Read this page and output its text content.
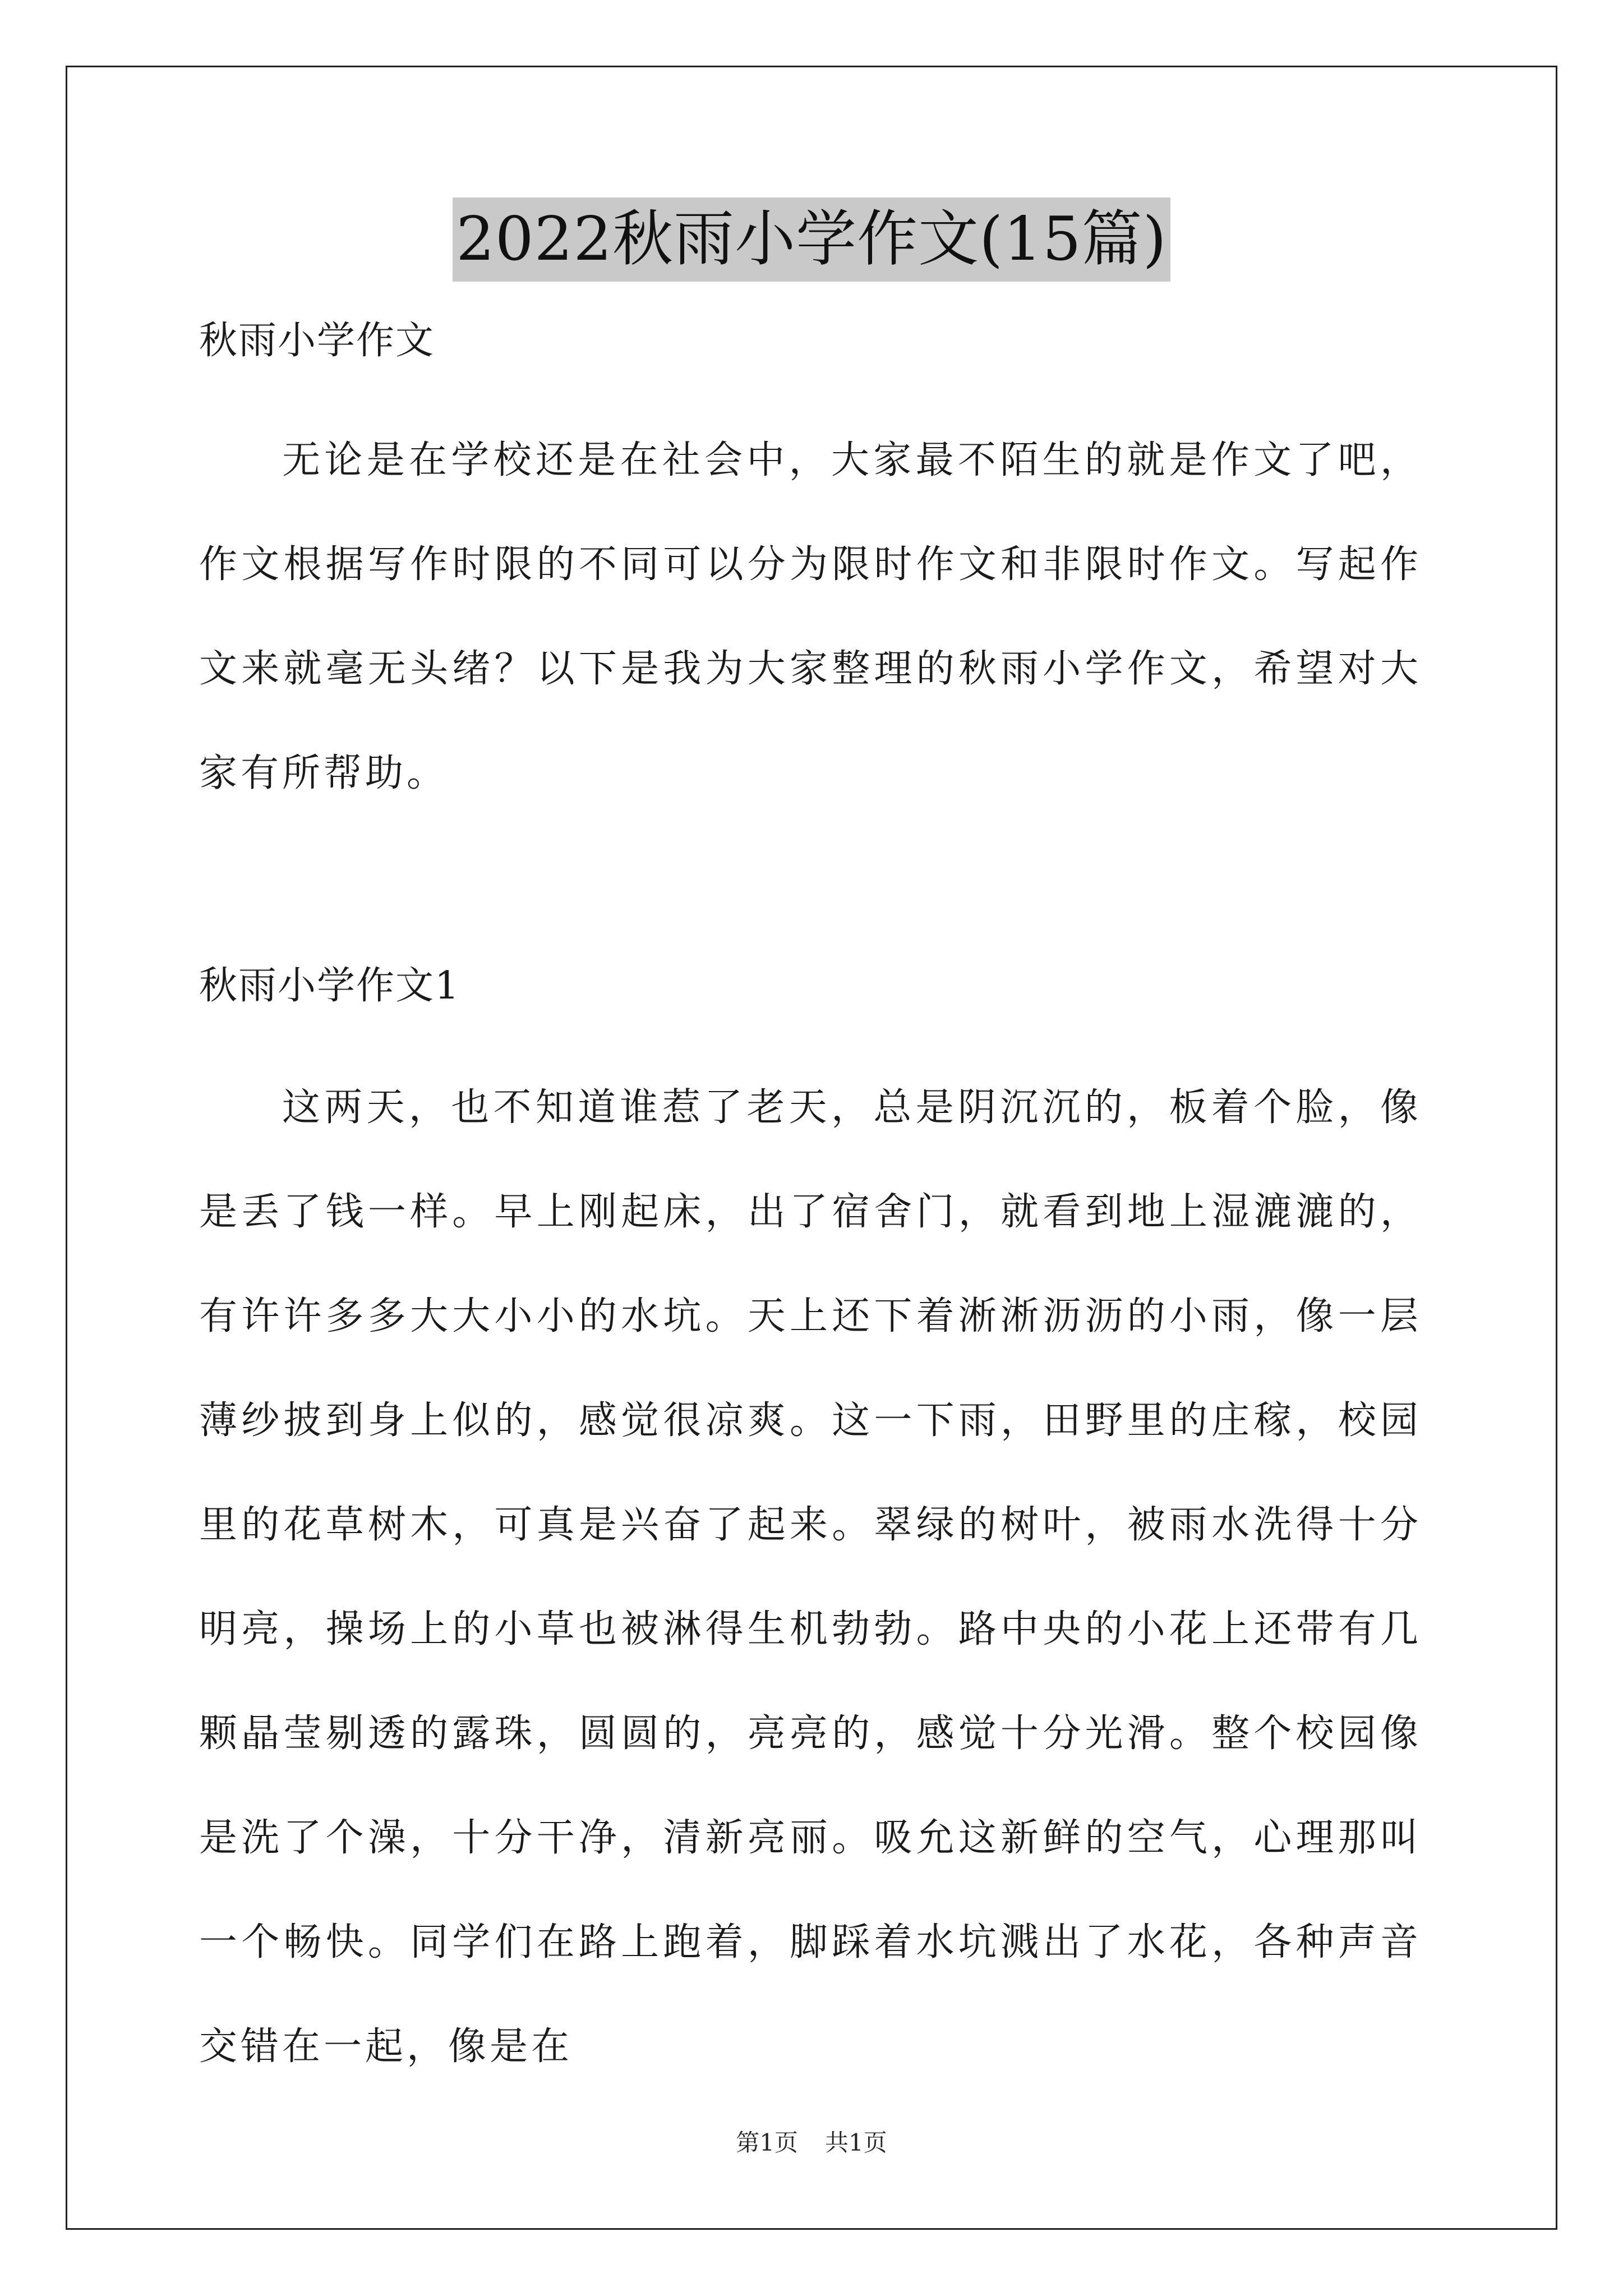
2022秋雨小学作文(15篇)

秋雨小学作文

无论是在学校还是在社会中，大家最不陌生的就是作文了吧，作文根据写作时限的不同可以分为限时作文和非限时作文。写起作文来就毫无头绪？以下是我为大家整理的秋雨小学作文，希望对大家有所帮助。

秋雨小学作文1

这两天，也不知道谁惹了老天，总是阴沉沉的，板着个脸，像是丢了钱一样。早上刚起床，出了宿舍门，就看到地上湿漉漉的，有许许多多大大小小的水坑。天上还下着淅淅沥沥的小雨，像一层薄纱披到身上似的，感觉很凉爽。这一下雨，田野里的庄稼，校园里的花草树木，可真是兴奋了起来。翠绿的树叶，被雨水洗得十分明亮，操场上的小草也被淋得生机勃勃。路中央的小花上还带有几颗晶莹剔透的露珠，圆圆的，亮亮的，感觉十分光滑。整个校园像是洗了个澡，十分干净，清新亮丽。吸允这新鲜的空气，心理那叫一个畅快。同学们在路上跑着，脚踩着水坑溅出了水花，各种声音交错在一起，像是在

第1页 共1页
